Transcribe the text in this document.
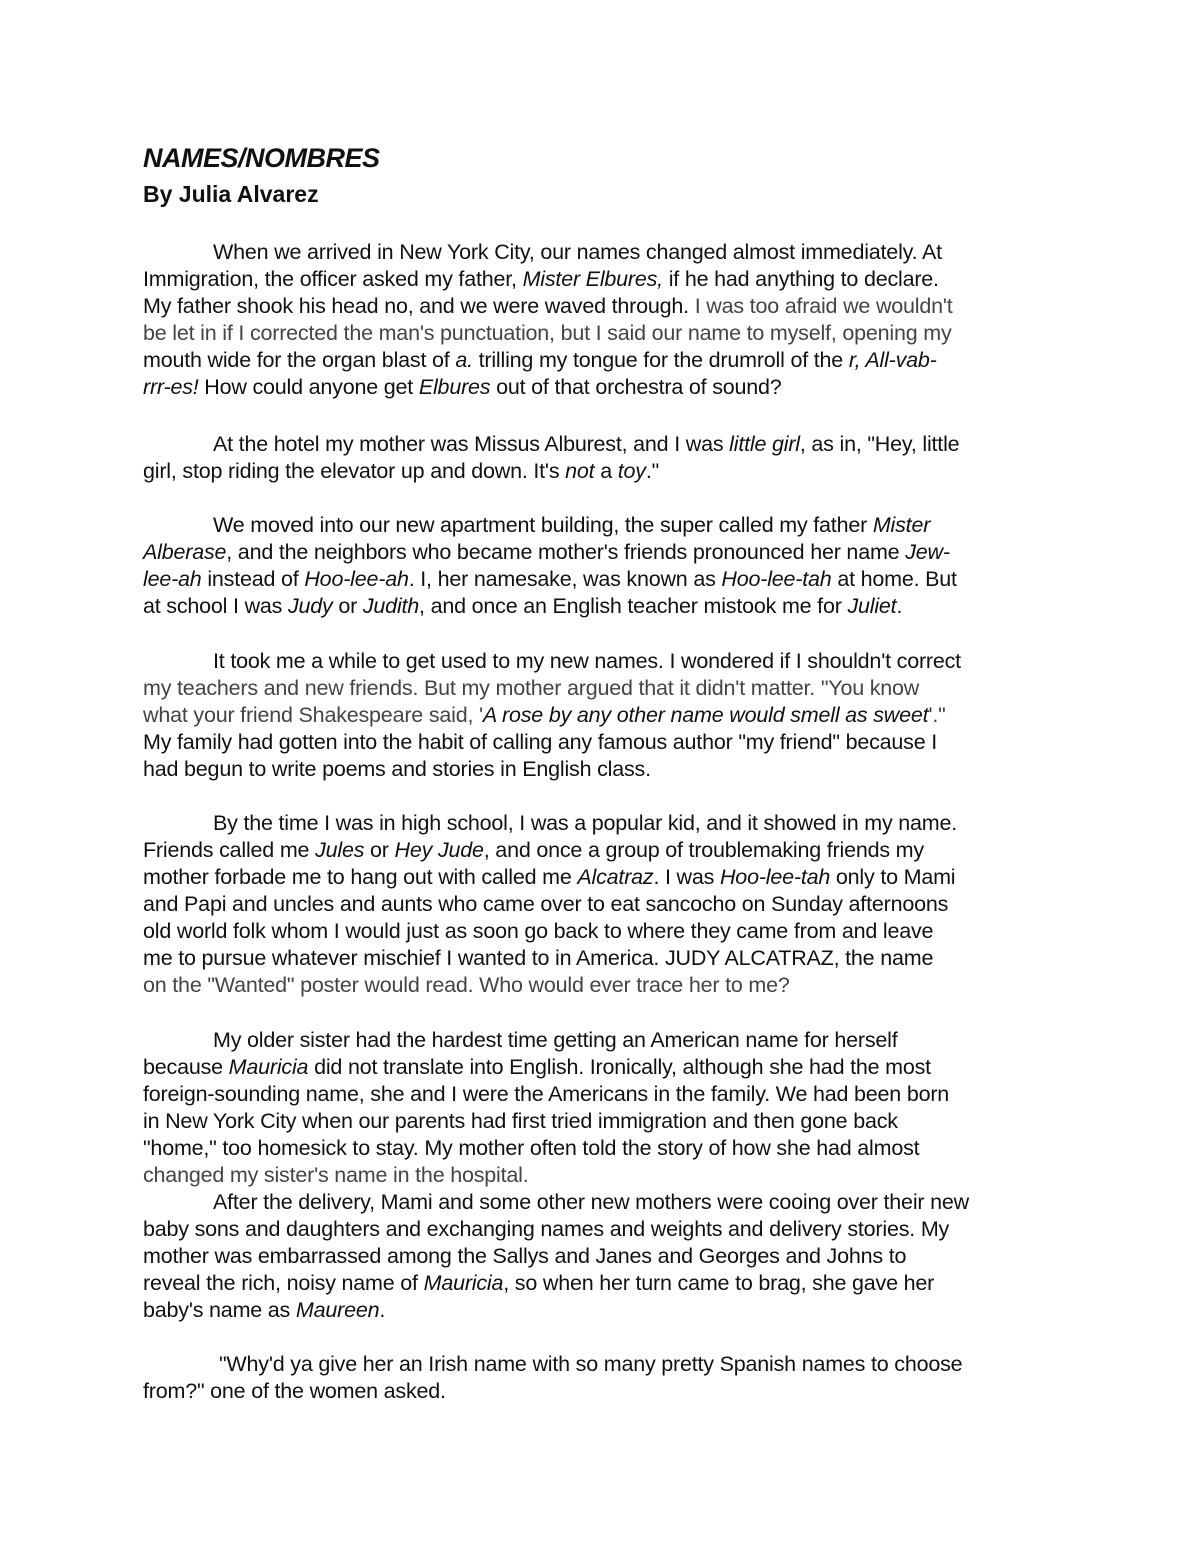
NAMES/NOMBRES
By Julia Alvarez
When we arrived in New York City, our names changed almost immediately. At
Immigration, the officer asked my father, Mister Elbures, if he had anything to declare.
My father shook his head no, and we were waved through. I was too afraid we wouldn't
be let in if I corrected the man's punctuation, but I said our name to myself, opening my
mouth wide for the organ blast of a. trilling my tongue for the drumroll of the r, All-vab-
rrr-es! How could anyone get Elbures out of that orchestra of sound?
At the hotel my mother was Missus Alburest, and I was little girl, as in, "Hey, little
girl, stop riding the elevator up and down. It's not a toy."
We moved into our new apartment building, the super called my father Mister
Alberase, and the neighbors who became mother's friends pronounced her name Jew-
lee-ah instead of Hoo-lee-ah. I, her namesake, was known as Hoo-lee-tah at home. But
at school I was Judy or Judith, and once an English teacher mistook me for Juliet.
It took me a while to get used to my new names. I wondered if I shouldn't correct
my teachers and new friends. But my mother argued that it didn't matter. "You know
what your friend Shakespeare said, 'A rose by any other name would smell as sweet'."
My family had gotten into the habit of calling any famous author "my friend" because I
had begun to write poems and stories in English class.
By the time I was in high school, I was a popular kid, and it showed in my name.
Friends called me Jules or Hey Jude, and once a group of troublemaking friends my
mother forbade me to hang out with called me Alcatraz. I was Hoo-lee-tah only to Mami
and Papi and uncles and aunts who came over to eat sancocho on Sunday afternoons
old world folk whom I would just as soon go back to where they came from and leave
me to pursue whatever mischief I wanted to in America. JUDY ALCATRAZ, the name
on the "Wanted" poster would read. Who would ever trace her to me?
My older sister had the hardest time getting an American name for herself
because Mauricia did not translate into English. Ironically, although she had the most
foreign-sounding name, she and I were the Americans in the family. We had been born
in New York City when our parents had first tried immigration and then gone back
"home," too homesick to stay. My mother often told the story of how she had almost
changed my sister's name in the hospital.
After the delivery, Mami and some other new mothers were cooing over their new
baby sons and daughters and exchanging names and weights and delivery stories. My
mother was embarrassed among the Sallys and Janes and Georges and Johns to
reveal the rich, noisy name of Mauricia, so when her turn came to brag, she gave her
baby's name as Maureen.
"Why'd ya give her an Irish name with so many pretty Spanish names to choose
from?" one of the women asked.
